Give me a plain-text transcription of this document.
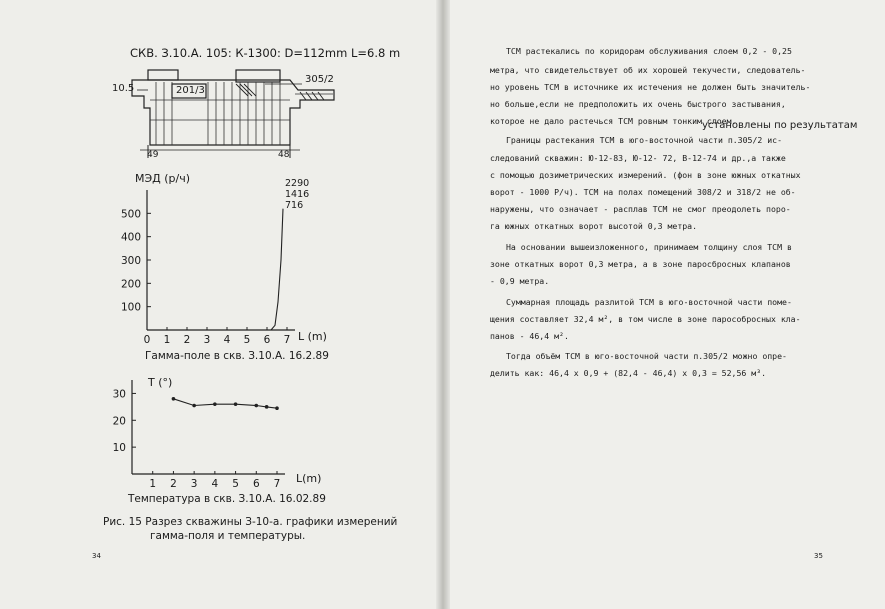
СКВ. З.10.А. 105: К-1300: D=112mm L=6.8 m
10.5	201/3
305/2
49	48
0 1 2 3 4 5 6 7
100
200
300
400
500
2290
1416
716
МЭД (р/ч)
L (m)
Гамма-поле в скв. З.10.А. 16.2.89
1 2 3 4 5 6 7
10
20
30
T (°)
L(m)
Температура в скв. З.10.А. 16.02.89
Рис. 15 Разрез скважины З-10-а. графики измерений
гамма-поля и температуры.
34
установлены по результатам
ТСМ растекались по коридорам обслуживания слоем 0,2 - 0,25
метра, что свидетельствует об их хорошей текучести, следователь-
но уровень ТСМ в источнике их истечения не должен быть значитель-
но больше,если не предположить их очень быстрого застывания,
которое не дало растечься ТСМ ровным тонким слоем.
Границы растекания ТСМ в юго-восточной части п.305/2 ис-
следований скважин: Ю-12-83, Ю-12- 72, В-12-74 и др.,а также
с помощью дозиметрических измерений. (фон в зоне южных откатных
ворот - 1000 Р/ч). ТСМ на полах помещений 308/2 и 318/2 не об-
наружены, что означает - расплав ТСМ не смог преодолеть поро-
га южных откатных ворот высотой 0,3 метра.
На основании вышеизложенного, принимаем толщину слоя ТСМ в
зоне откатных ворот 0,3 метра, а в зоне паросбросных клапанов
- 0,9 метра.
Суммарная площадь разлитой ТСМ в юго-восточной части поме-
щения составляет 32,4 м², в том числе в зоне парособросных кла-
панов - 46,4 м².
Тогда объём ТСМ в юго-восточной части п.305/2 можно опре-
делить как: 46,4 х 0,9 + (82,4 - 46,4) х 0,3 = 52,56 м³.
35
